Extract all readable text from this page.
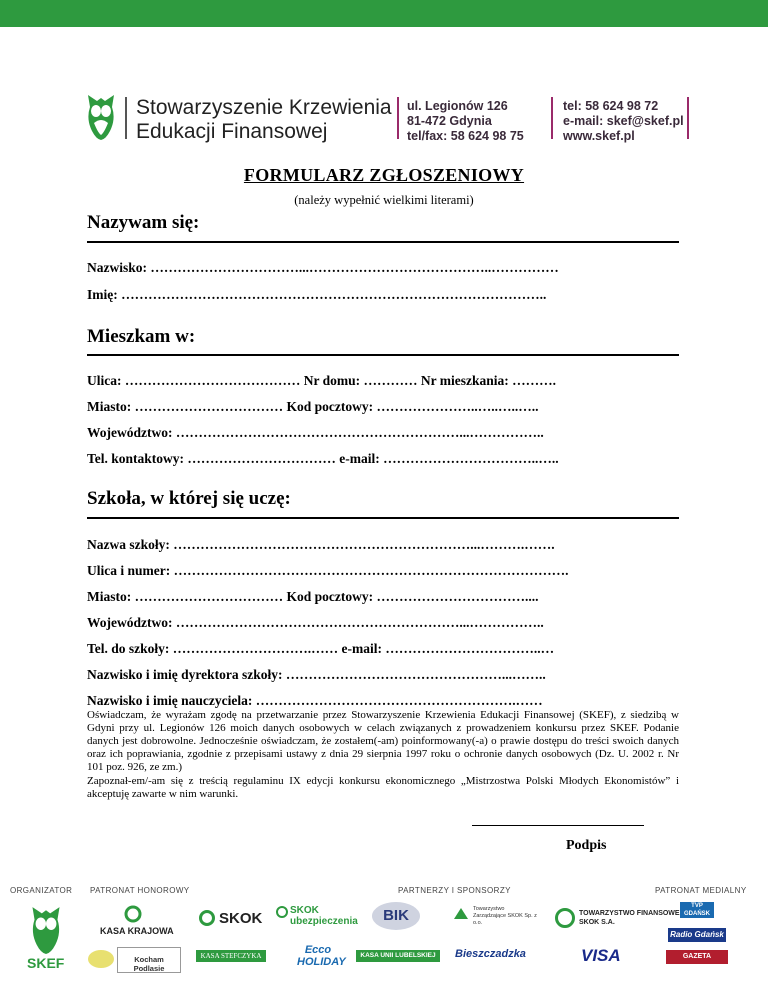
Stowarzyszenie Krzewienia
Edukacji Finansowej
ul. Legionów 126
81-472 Gdynia
tel/fax: 58 624 98 75
tel: 58 624 98 72
e-mail: skef@skef.pl
www.skef.pl
FORMULARZ ZGŁOSZENIOWY
(należy wypełnić wielkimi literami)
Nazywam się:
Nazwisko: ……………………………...…………………………………..……………
Imię: …………………………………………………………………………………..
Mieszkam w:
Ulica: ………………………………… Nr domu: ………… Nr mieszkania: ……….
Miasto: …………………………… Kod pocztowy: …………………..…..…..…..
Województwo: ………………………………………………………...……………..
Tel. kontaktowy: …………………………… e-mail: ……………………………..…..
Szkoła, w której się uczę:
Nazwa szkoły: …………………………………………………………...……….…….
Ulica i numer: …………………………………………………………………………….
Miasto: …………………………… Kod pocztowy: ……………………………....
Województwo: ………………………………………………………...……………..
Tel. do szkoły: ………………………….…… e-mail: ……………………………..…
Nazwisko i imię dyrektora szkoły: …………………………………………...……..
Nazwisko i imię nauczyciela: ………………………………………………….……
Oświadczam, że wyrażam zgodę na przetwarzanie przez Stowarzyszenie Krzewienia Edukacji Finansowej (SKEF), z siedzibą w Gdyni przy ul. Legionów 126 moich danych osobowych w celach związanych z prowadzeniem konkursu przez SKEF. Podanie danych jest dobrowolne. Jednocześnie oświadczam, że zostałem(-am) poinformowany(-a) o prawie dostępu do treści swoich danych oraz ich poprawiania, zgodnie z przepisami ustawy z dnia 29 sierpnia 1997 roku o ochronie danych osobowych (Dz. U. 2002 r. Nr 101 poz. 926, ze zm.)
Zapoznał-em/-am się z treścią regulaminu IX edycji konkursu ekonomicznego „Mistrzostwa Polski Młodych Ekonomistów” i akceptuję zawarte w nim warunki.
Podpis
ORGANIZATOR PATRONAT HONOROWY	PARTNERZY I SPONSORZY	PATRONAT MEDIALNY
SKEF
KASA KRAJOWA
Kocham Podlasie
SKOK	SKOK ubezpieczenia
KASA STEFCZYKA	Ecco HOLIDAY
BIK
KASA UNII LUBELSKIEJ
Towarzystwo Zarządzające SKOK Sp. z o.o.
Bieszczadzka
TOWARZYSTWO FINANSOWE SKOK S.A.
VISA
TVP GDAŃSK
Radio Gdańsk
GAZETA BANKOWA
